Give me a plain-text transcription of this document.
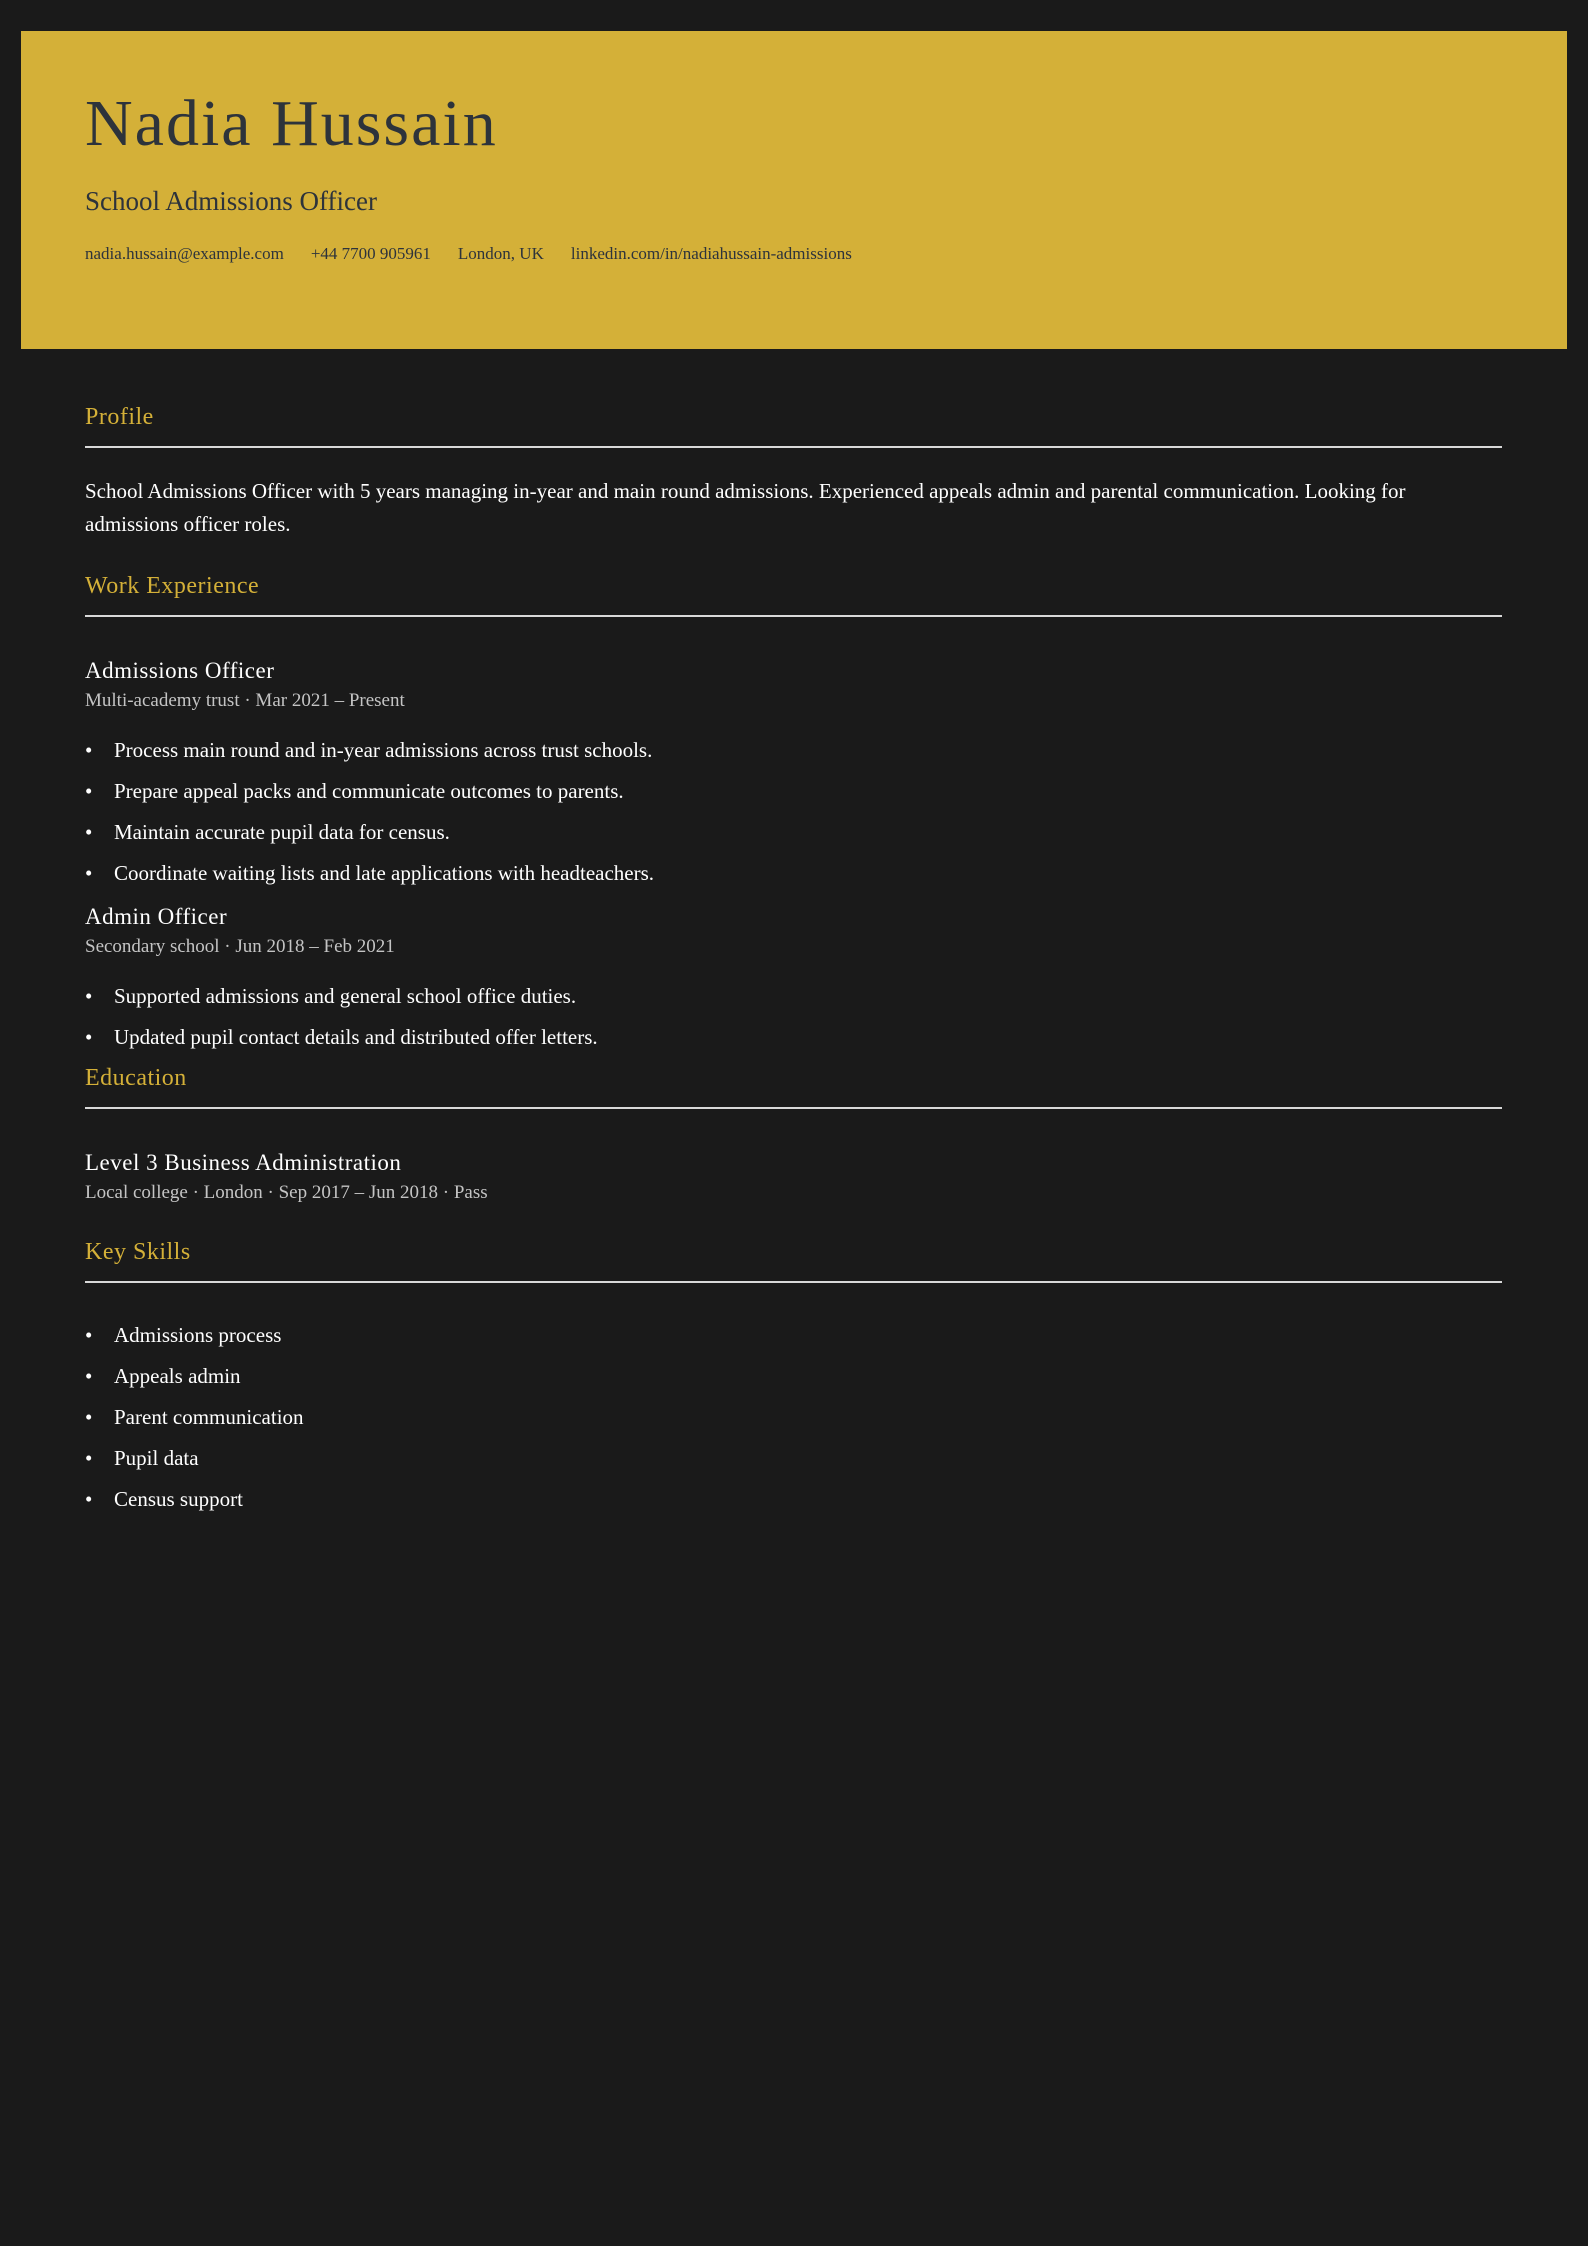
Nadia Hussain
School Admissions Officer
nadia.hussain@example.com +44 7700 905961 London, UK linkedin.com/in/nadiahussain-admissions
Profile

School Admissions Officer with 5 years managing in-year and main round admissions. Experienced appeals admin and parental communication. Looking for admissions officer roles.

Work Experience
Admissions Officer
Multi-academy trust · Mar 2021 – Present
• Process main round and in-year admissions across trust schools.
• Prepare appeal packs and communicate outcomes to parents.
• Maintain accurate pupil data for census.
• Coordinate waiting lists and late applications with headteachers.
Admin Officer
Secondary school · Jun 2018 – Feb 2021
• Supported admissions and general school office duties.
• Updated pupil contact details and distributed offer letters.
Education
Level 3 Business Administration
Local college · London · Sep 2017 – Jun 2018 · Pass
Key Skills
• Admissions process
• Appeals admin
• Parent communication
• Pupil data
• Census support
